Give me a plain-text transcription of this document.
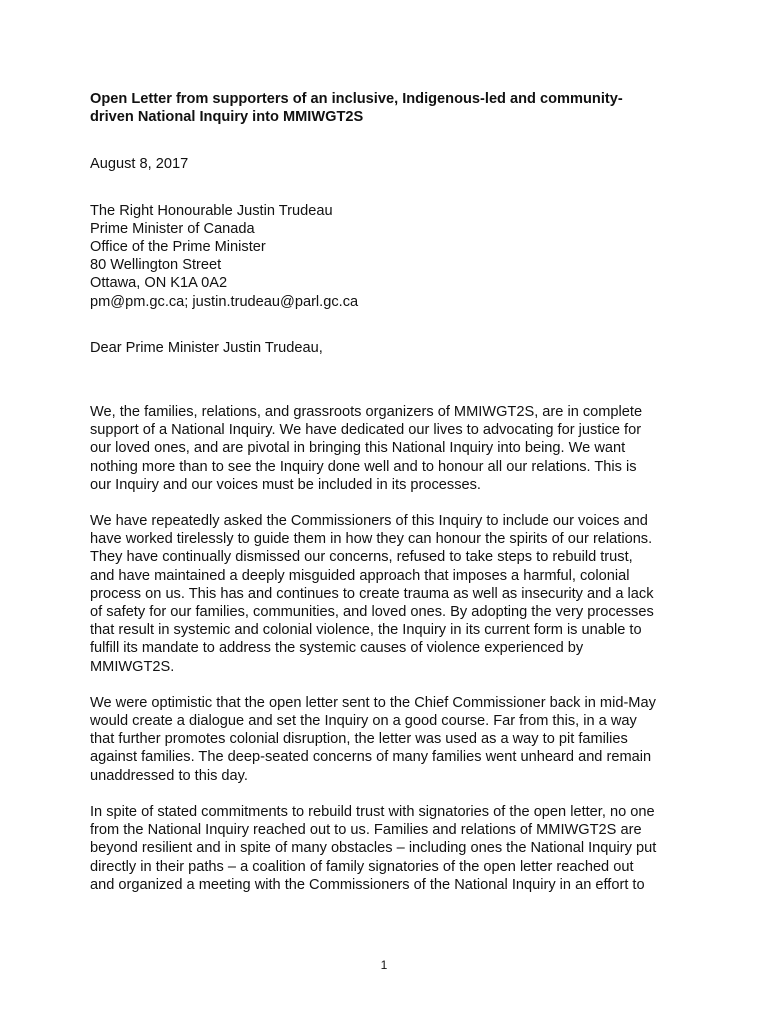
Open Letter from supporters of an inclusive, Indigenous-led and community-
driven National Inquiry into MMIWGT2S

August 8, 2017

The Right Honourable Justin Trudeau
Prime Minister of Canada
Office of the Prime Minister
80 Wellington Street
Ottawa, ON K1A 0A2
pm@pm.gc.ca; justin.trudeau@parl.gc.ca

Dear Prime Minister Justin Trudeau,

We, the families, relations, and grassroots organizers of MMIWGT2S, are in complete
support of a National Inquiry. We have dedicated our lives to advocating for justice for
our loved ones, and are pivotal in bringing this National Inquiry into being. We want
nothing more than to see the Inquiry done well and to honour all our relations. This is
our Inquiry and our voices must be included in its processes.

We have repeatedly asked the Commissioners of this Inquiry to include our voices and
have worked tirelessly to guide them in how they can honour the spirits of our relations.
They have continually dismissed our concerns, refused to take steps to rebuild trust,
and have maintained a deeply misguided approach that imposes a harmful, colonial
process on us. This has and continues to create trauma as well as insecurity and a lack
of safety for our families, communities, and loved ones. By adopting the very processes
that result in systemic and colonial violence, the Inquiry in its current form is unable to
fulfill its mandate to address the systemic causes of violence experienced by
MMIWGT2S.

We were optimistic that the open letter sent to the Chief Commissioner back in mid-May
would create a dialogue and set the Inquiry on a good course. Far from this, in a way
that further promotes colonial disruption, the letter was used as a way to pit families
against families. The deep-seated concerns of many families went unheard and remain
unaddressed to this day.

In spite of stated commitments to rebuild trust with signatories of the open letter, no one
from the National Inquiry reached out to us. Families and relations of MMIWGT2S are
beyond resilient and in spite of many obstacles – including ones the National Inquiry put
directly in their paths – a coalition of family signatories of the open letter reached out
and organized a meeting with the Commissioners of the National Inquiry in an effort to

1
